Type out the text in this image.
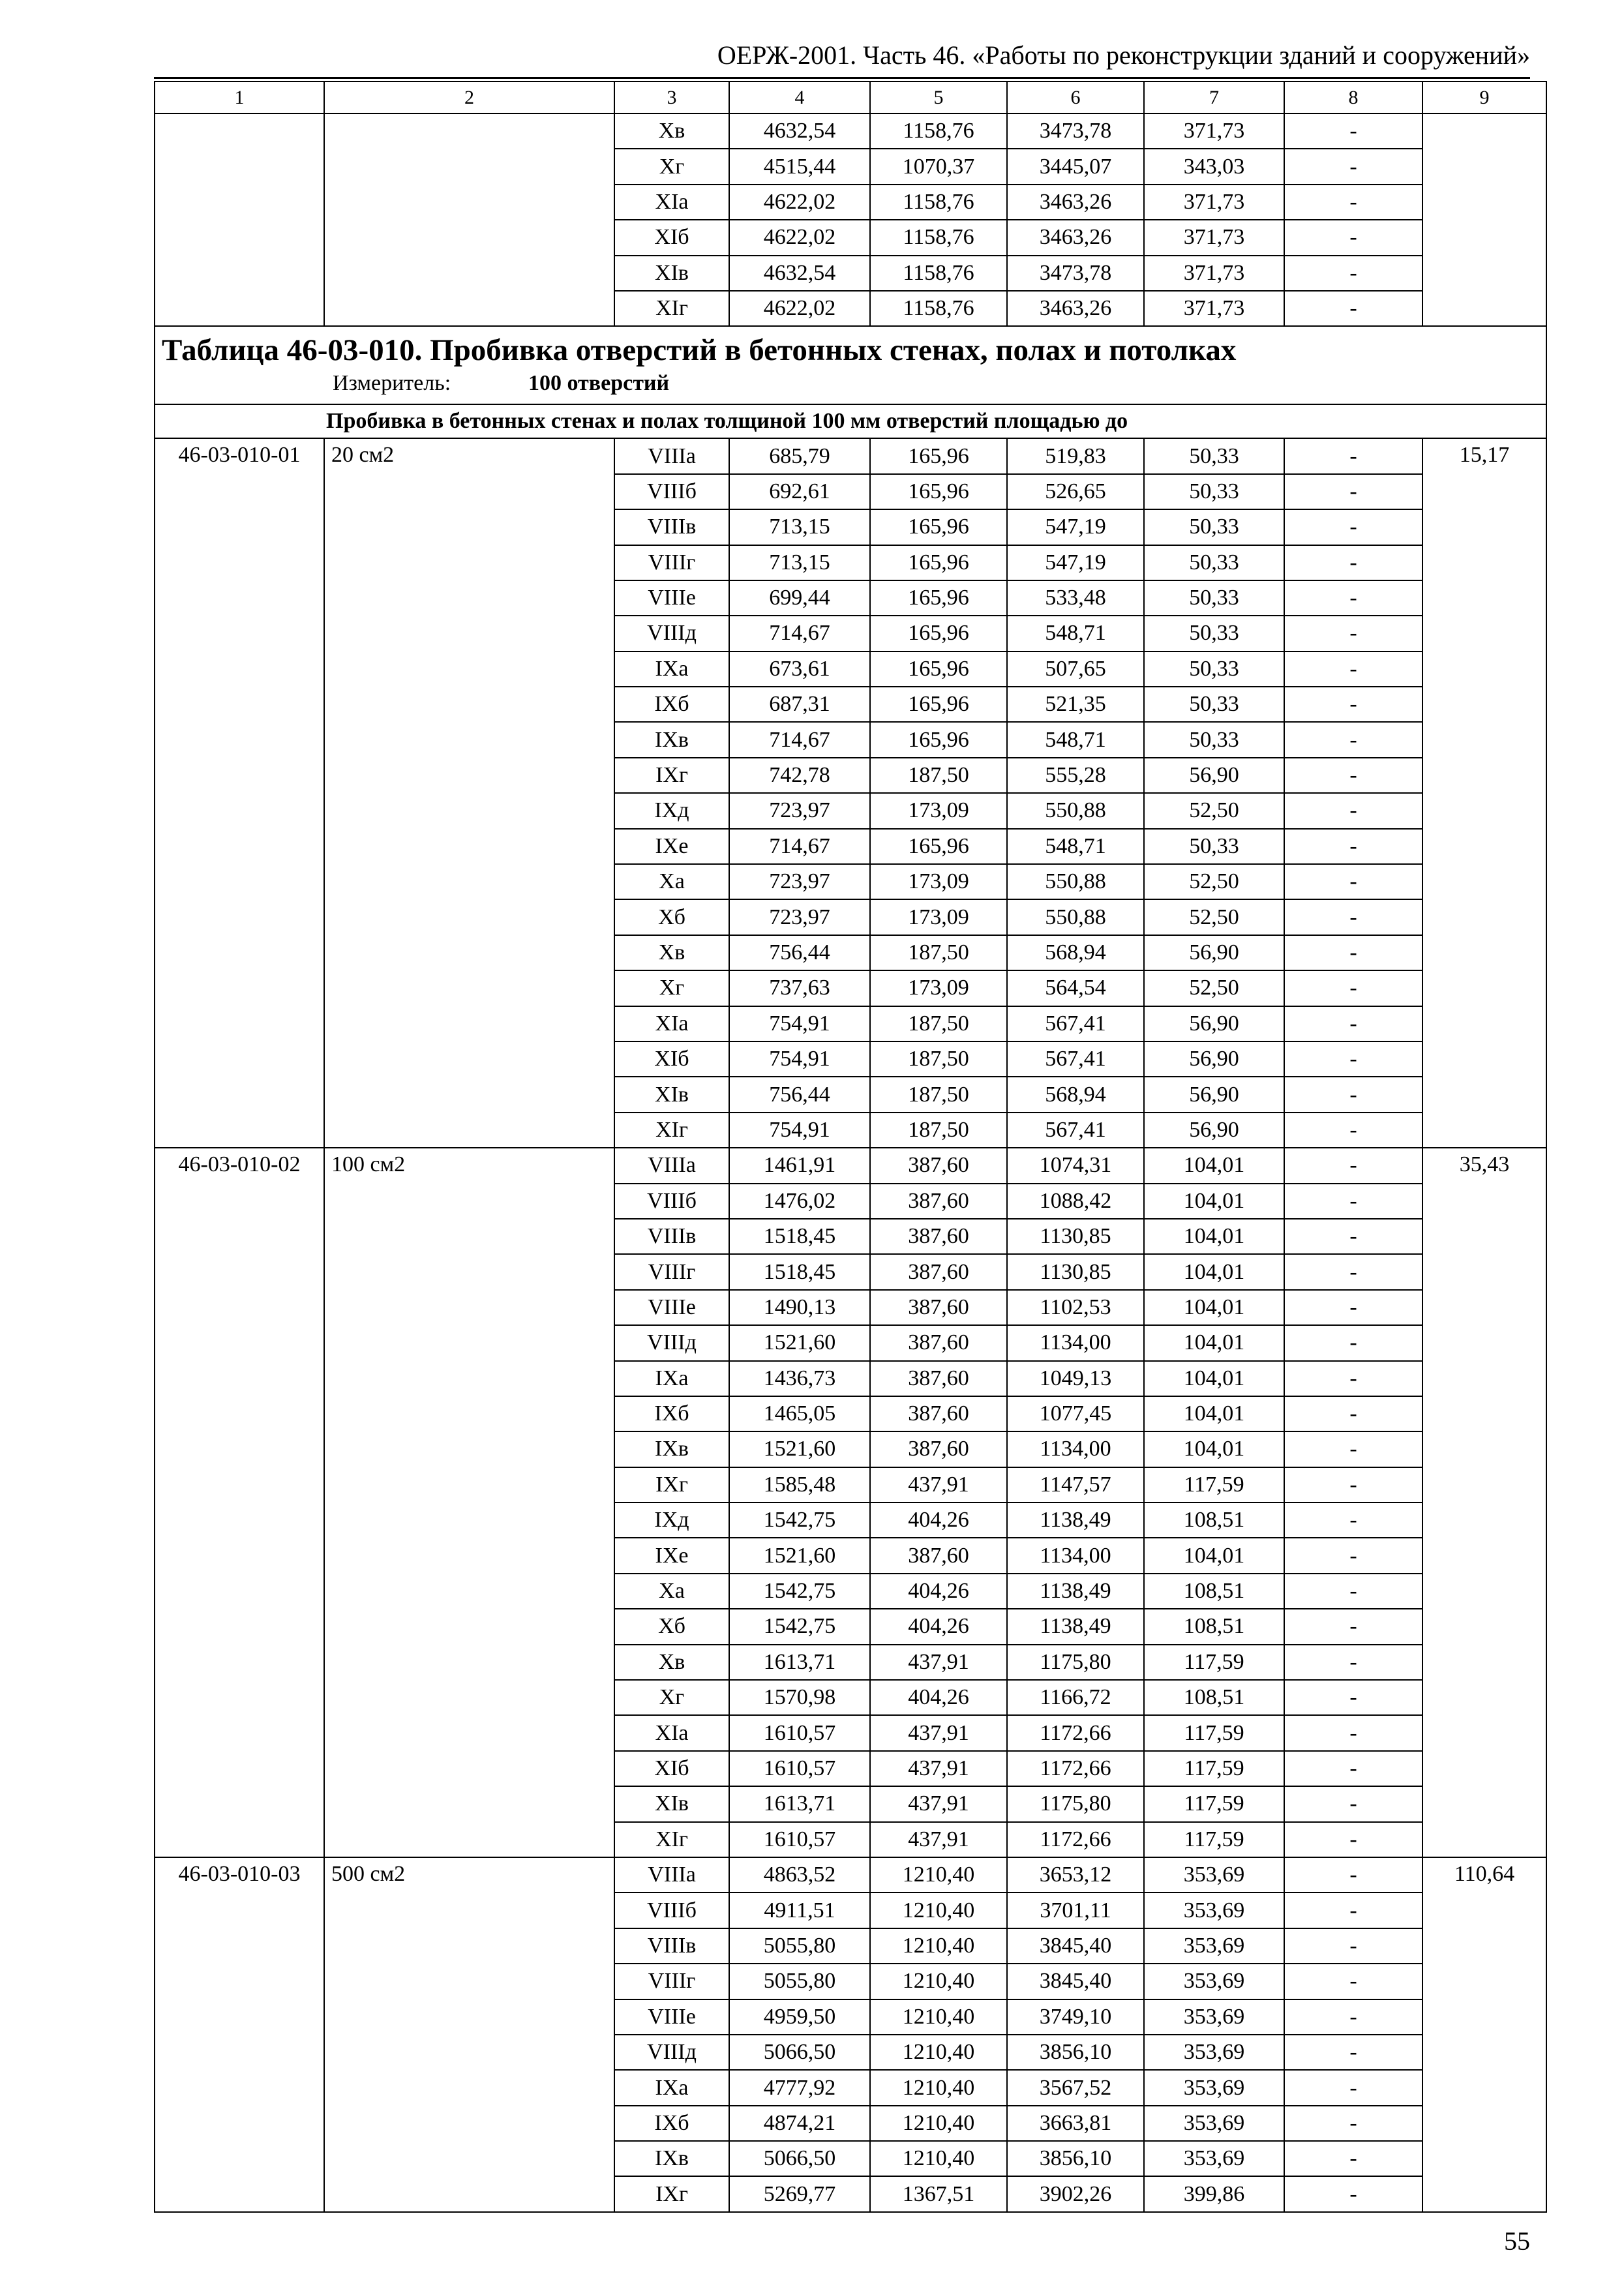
ОЕРЖ-2001. Часть 46. «Работы по реконструкции зданий и сооружений»
1	2	3	4	5	6	7	8	9
		Xв	4632,54	1158,76	3473,78	371,73	-	
		Xг	4515,44	1070,37	3445,07	343,03	-	
		XIа	4622,02	1158,76	3463,26	371,73	-	
		XIб	4622,02	1158,76	3463,26	371,73	-	
		XIв	4632,54	1158,76	3473,78	371,73	-	
		XIг	4622,02	1158,76	3463,26	371,73	-	

Таблица 46-03-010. Пробивка отверстий в бетонных стенах, полах и потолках
Измеритель: 100 отверстий								

Пробивка в бетонных стенах и полах толщиной 100 мм отверстий площадью до								
46-03-010-01	20 см2	VIIIа	685,79	165,96	519,83	50,33	-	15,17
		VIIIб	692,61	165,96	526,65	50,33	-	
		VIIIв	713,15	165,96	547,19	50,33	-	
		VIIIг	713,15	165,96	547,19	50,33	-	
		VIIIе	699,44	165,96	533,48	50,33	-	
		VIIIд	714,67	165,96	548,71	50,33	-	
		IXа	673,61	165,96	507,65	50,33	-	
		IXб	687,31	165,96	521,35	50,33	-	
		IXв	714,67	165,96	548,71	50,33	-	
		IXг	742,78	187,50	555,28	56,90	-	
		IXд	723,97	173,09	550,88	52,50	-	
		IXе	714,67	165,96	548,71	50,33	-	
		Xа	723,97	173,09	550,88	52,50	-	
		Xб	723,97	173,09	550,88	52,50	-	
		Xв	756,44	187,50	568,94	56,90	-	
		Xг	737,63	173,09	564,54	52,50	-	
		XIа	754,91	187,50	567,41	56,90	-	
		XIб	754,91	187,50	567,41	56,90	-	
		XIв	756,44	187,50	568,94	56,90	-	
		XIг	754,91	187,50	567,41	56,90	-	
46-03-010-02	100 см2	VIIIа	1461,91	387,60	1074,31	104,01	-	35,43
		VIIIб	1476,02	387,60	1088,42	104,01	-	
		VIIIв	1518,45	387,60	1130,85	104,01	-	
		VIIIг	1518,45	387,60	1130,85	104,01	-	
		VIIIе	1490,13	387,60	1102,53	104,01	-	
		VIIIд	1521,60	387,60	1134,00	104,01	-	
		IXа	1436,73	387,60	1049,13	104,01	-	
		IXб	1465,05	387,60	1077,45	104,01	-	
		IXв	1521,60	387,60	1134,00	104,01	-	
		IXг	1585,48	437,91	1147,57	117,59	-	
		IXд	1542,75	404,26	1138,49	108,51	-	
		IXе	1521,60	387,60	1134,00	104,01	-	
		Xа	1542,75	404,26	1138,49	108,51	-	
		Xб	1542,75	404,26	1138,49	108,51	-	
		Xв	1613,71	437,91	1175,80	117,59	-	
		Xг	1570,98	404,26	1166,72	108,51	-	
		XIа	1610,57	437,91	1172,66	117,59	-	
		XIб	1610,57	437,91	1172,66	117,59	-	
		XIв	1613,71	437,91	1175,80	117,59	-	
		XIг	1610,57	437,91	1172,66	117,59	-	
46-03-010-03	500 см2	VIIIа	4863,52	1210,40	3653,12	353,69	-	110,64
		VIIIб	4911,51	1210,40	3701,11	353,69	-	
		VIIIв	5055,80	1210,40	3845,40	353,69	-	
		VIIIг	5055,80	1210,40	3845,40	353,69	-	
		VIIIе	4959,50	1210,40	3749,10	353,69	-	
		VIIIд	5066,50	1210,40	3856,10	353,69	-	
		IXа	4777,92	1210,40	3567,52	353,69	-	
		IXб	4874,21	1210,40	3663,81	353,69	-	
		IXв	5066,50	1210,40	3856,10	353,69	-	
		IXг	5269,77	1367,51	3902,26	399,86	-	
55
